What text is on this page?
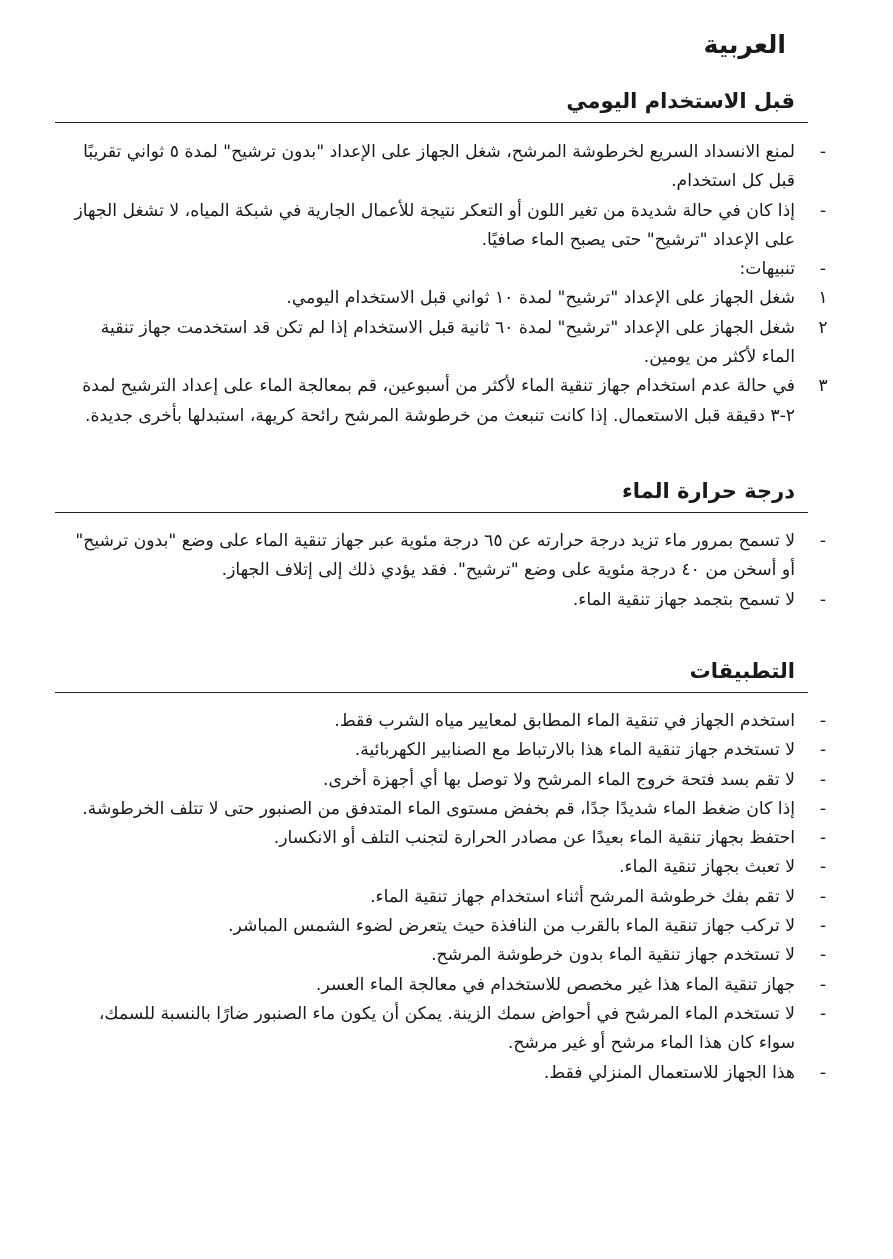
العربية
قبل الاستخدام اليومي
-
لمنع الانسداد السريع لخرطوشة المرشح، شغل الجهاز على الإعداد "بدون ترشيح" لمدة ٥ ثواني تقريبًا قبل كل استخدام.
-
إذا كان في حالة شديدة من تغير اللون أو التعكر نتيجة للأعمال الجارية في شبكة المياه، لا تشغل الجهاز على الإعداد "ترشيح" حتى يصبح الماء صافيًا.
-
تنبيهات:
١
شغل الجهاز على الإعداد "ترشيح" لمدة ١٠ ثواني قبل الاستخدام اليومي.
٢
شغل الجهاز على الإعداد "ترشيح" لمدة ٦٠ ثانية قبل الاستخدام إذا لم تكن قد استخدمت جهاز تنقية الماء لأكثر من يومين.
٣
في حالة عدم استخدام جهاز تنقية الماء لأكثر من أسبوعين، قم بمعالجة الماء على إعداد الترشيح لمدة ٢-٣ دقيقة قبل الاستعمال. إذا كانت تنبعث من خرطوشة المرشح رائحة كريهة، استبدلها بأخرى جديدة.
درجة حرارة الماء
-
لا تسمح بمرور ماء تزيد درجة حرارته عن ٦٥ درجة مئوية عبر جهاز تنقية الماء على وضع "بدون ترشيح" أو أسخن من ٤٠ درجة مئوية على وضع "ترشيح". فقد يؤدي ذلك إلى إتلاف الجهاز.
-
لا تسمح بتجمد جهاز تنقية الماء.
التطبيقات
-
استخدم الجهاز في تنقية الماء المطابق لمعايير مياه الشرب فقط.
-
لا تستخدم جهاز تنقية الماء هذا بالارتباط مع الصنابير الكهربائية.
-
لا تقم بسد فتحة خروج الماء المرشح ولا توصل بها أي أجهزة أخرى.
-
إذا كان ضغط الماء شديدًا جدًا، قم بخفض مستوى الماء المتدفق من الصنبور حتى لا تتلف الخرطوشة.
-
احتفظ بجهاز تنقية الماء بعيدًا عن مصادر الحرارة لتجنب التلف أو الانكسار.
-
لا تعبث بجهاز تنقية الماء.
-
لا تقم بفك خرطوشة المرشح أثناء استخدام جهاز تنقية الماء.
-
لا تركب جهاز تنقية الماء بالقرب من النافذة حيث يتعرض لضوء الشمس المباشر.
-
لا تستخدم جهاز تنقية الماء بدون خرطوشة المرشح.
-
جهاز تنقية الماء هذا غير مخصص للاستخدام في معالجة الماء العسر.
-
لا تستخدم الماء المرشح في أحواض سمك الزينة. يمكن أن يكون ماء الصنبور ضارًا بالنسبة للسمك، سواء كان هذا الماء مرشح أو غير مرشح.
-
هذا الجهاز للاستعمال المنزلي فقط.
